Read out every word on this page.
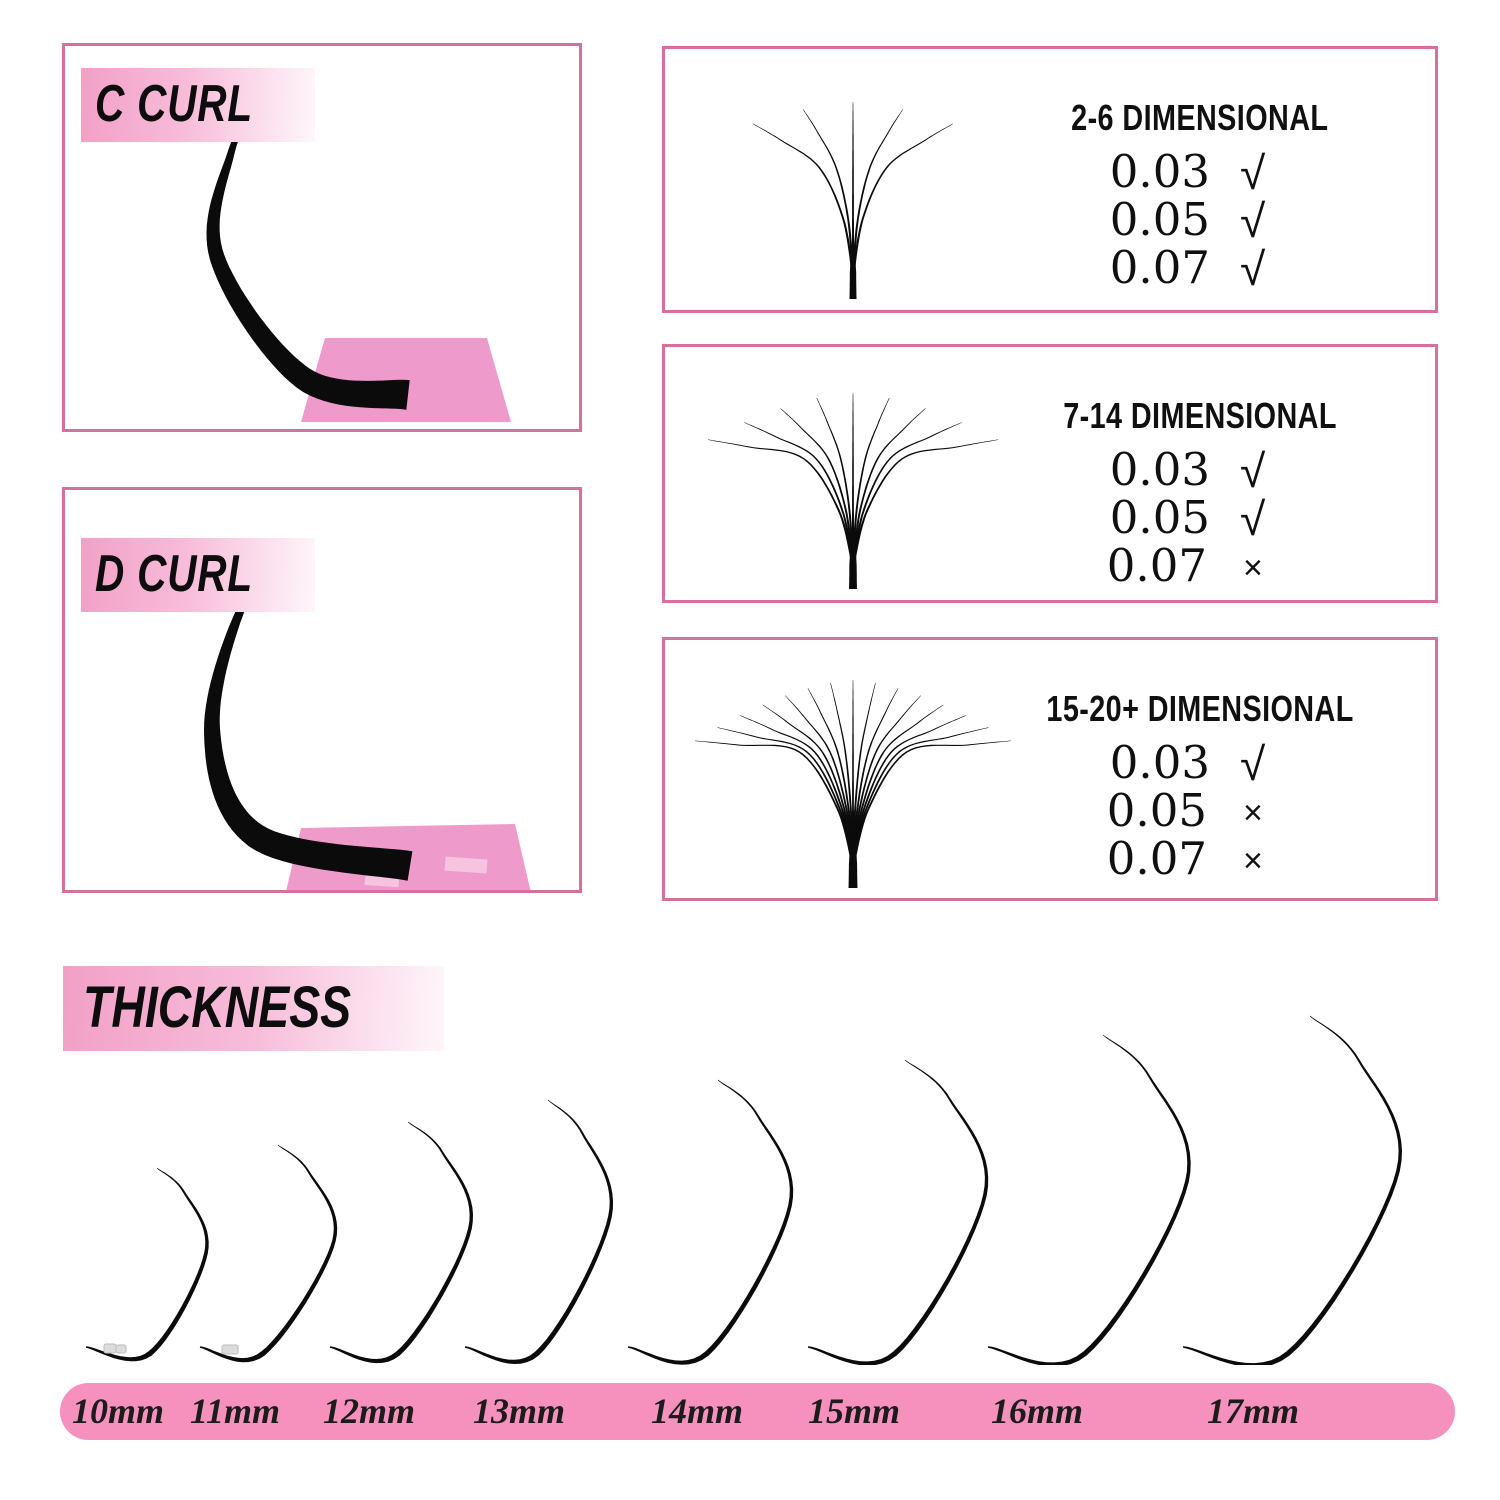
C CURL
D CURL
2-6 DIMENSIONAL
0.03 √
0.05 √
0.07 √
7-14 DIMENSIONAL
0.03 √
0.05 √
0.07 ×
15-20+ DIMENSIONAL
0.03 √
0.05 ×
0.07 ×
THICKNESS
10mm 11mm 12mm 13mm 14mm 15mm	16mm	17mm
